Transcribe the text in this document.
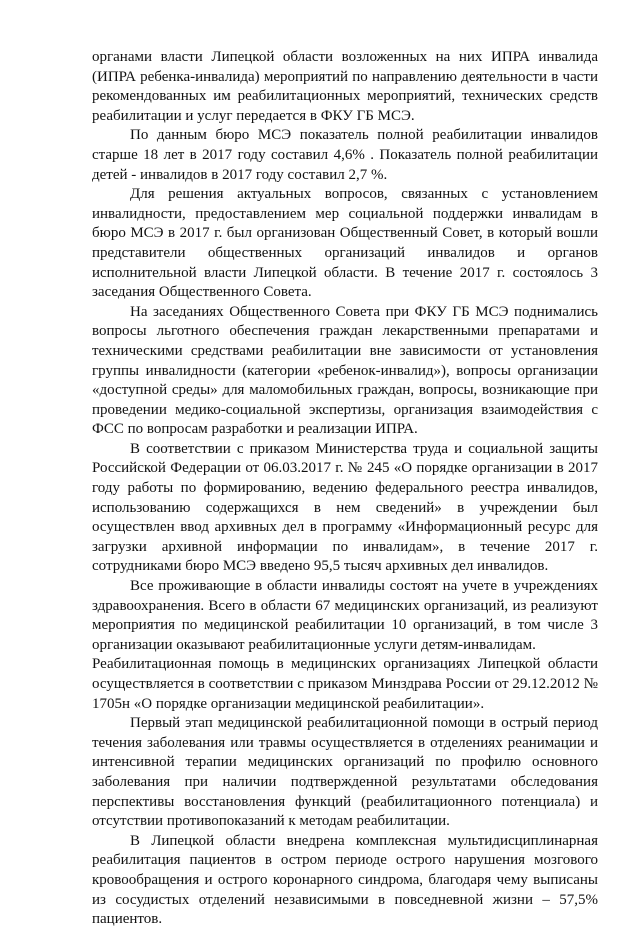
органами власти Липецкой области возложенных на них ИПРА инвалида (ИПРА ребенка-инвалида) мероприятий по направлению деятельности в части рекомендованных им реабилитационных мероприятий, технических средств реабилитации и услуг передается в ФКУ ГБ МСЭ.

По данным бюро МСЭ показатель полной реабилитации инвалидов старше 18 лет в 2017 году составил 4,6% . Показатель полной реабилитации детей - инвалидов в 2017 году составил 2,7 %.

Для решения актуальных вопросов, связанных с установлением инвалидности, предоставлением мер социальной поддержки инвалидам в бюро МСЭ в 2017 г. был организован Общественный Совет, в который вошли представители общественных организаций инвалидов и органов исполнительной власти Липецкой области. В течение 2017 г. состоялось 3 заседания Общественного Совета.

На заседаниях Общественного Совета при ФКУ ГБ МСЭ поднимались вопросы льготного обеспечения граждан лекарственными препаратами и техническими средствами реабилитации вне зависимости от установления группы инвалидности (категории «ребенок-инвалид»), вопросы организации «доступной среды» для маломобильных граждан, вопросы, возникающие при проведении медико-социальной экспертизы, организация взаимодействия с ФСС по вопросам разработки и реализации ИПРА.

В соответствии с приказом Министерства труда и социальной защиты Российской Федерации от 06.03.2017 г. № 245 «О порядке организации в 2017 году работы по формированию, ведению федерального реестра инвалидов, использованию содержащихся в нем сведений» в учреждении был осуществлен ввод архивных дел в программу «Информационный ресурс для загрузки архивной информации по инвалидам», в течение 2017 г. сотрудниками бюро МСЭ введено 95,5 тысяч архивных дел инвалидов.

Все проживающие в области инвалиды состоят на учете в учреждениях здравоохранения. Всего в области 67 медицинских организаций, из реализуют мероприятия по медицинской реабилитации 10 организаций, в том числе 3 организации оказывают реабилитационные услуги детям-инвалидам.

Реабилитационная помощь в медицинских организациях Липецкой области осуществляется в соответствии с приказом Минздрава России от 29.12.2012 № 1705н «О порядке организации медицинской реабилитации».

Первый этап медицинской реабилитационной помощи в острый период течения заболевания или травмы осуществляется в отделениях реанимации и интенсивной терапии медицинских организаций по профилю основного заболевания при наличии подтвержденной результатами обследования перспективы восстановления функций (реабилитационного потенциала) и отсутствии противопоказаний к методам реабилитации.

В Липецкой области внедрена комплексная мультидисциплинарная реабилитация пациентов в остром периоде острого нарушения мозгового кровообращения и острого коронарного синдрома, благодаря чему выписаны из сосудистых отделений независимыми в повседневной жизни – 57,5% пациентов.
